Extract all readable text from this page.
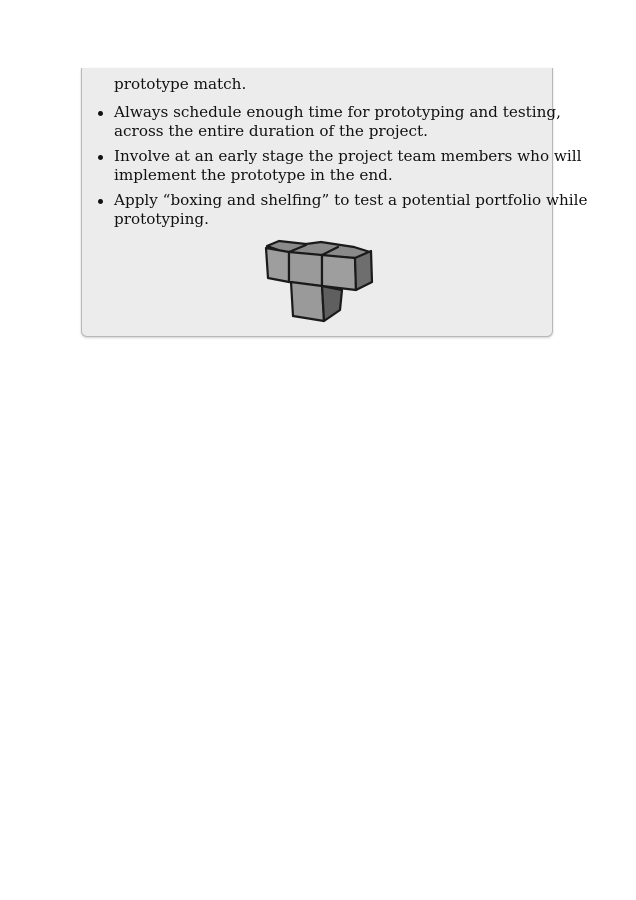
prototype match.
Always schedule enough time for prototyping and testing,
across the entire duration of the project.
Involve at an early stage the project team members who will
implement the prototype in the end.
Apply “boxing and shelfing” to test a potential portfolio while
prototyping.
